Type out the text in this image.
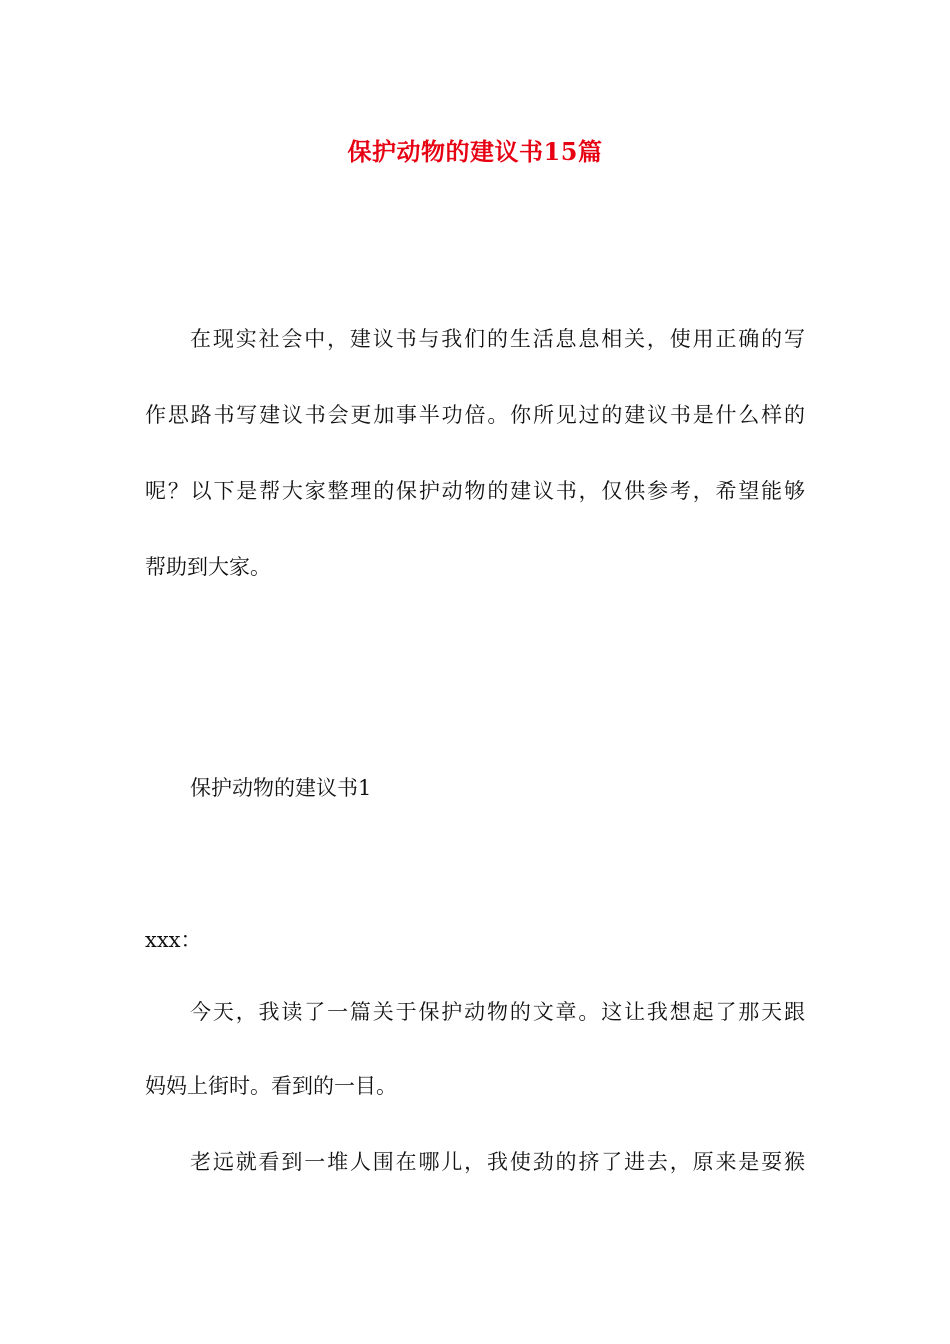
保护动物的建议书15篇
在现实社会中，建议书与我们的生活息息相关，使用正确的写
作思路书写建议书会更加事半功倍。你所见过的建议书是什么样的
呢？以下是帮大家整理的保护动物的建议书，仅供参考，希望能够
帮助到大家。
保护动物的建议书1
xxx：
今天，我读了一篇关于保护动物的文章。这让我想起了那天跟
妈妈上街时。看到的一目。
老远就看到一堆人围在哪儿，我使劲的挤了进去，原来是耍猴
